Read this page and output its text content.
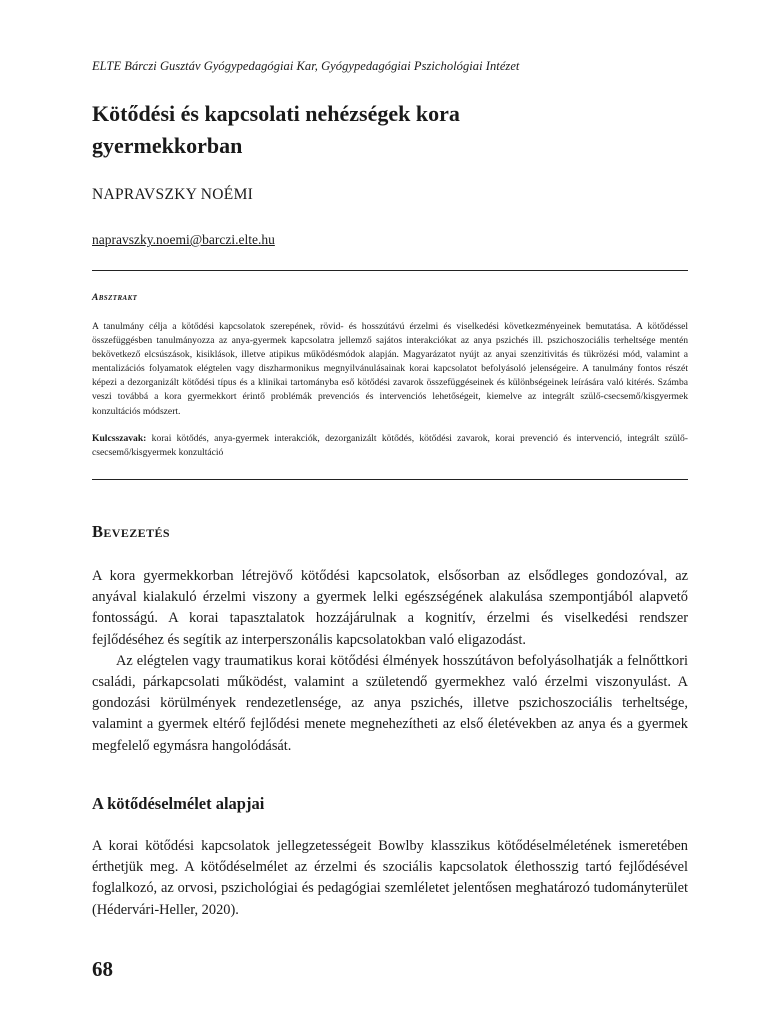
ELTE Bárczi Gusztáv Gyógypedagógiai Kar, Gyógypedagógiai Pszichológiai Intézet
Kötődési és kapcsolati nehézségek kora gyermekkorban
NAPRAVSZKY NOÉMI
napravszky.noemi@barczi.elte.hu
Absztrakt
A tanulmány célja a kötődési kapcsolatok szerepének, rövid- és hosszútávú érzelmi és viselkedési következményeinek bemutatása. A kötődéssel összefüggésben tanulmányozza az anya-gyermek kapcsolatra jellemző sajátos interakciókat az anya pszichés ill. pszichoszociális terheltsége mentén bekövetkező elcsúszások, kisiklások, illetve atipikus működésmódok alapján. Magyarázatot nyújt az anyai szenzitivitás és tükrözési mód, valamint a mentalizációs folyamatok elégtelen vagy diszharmonikus megnyilvánulásainak korai kapcsolatot befolyásoló jelenségeire. A tanulmány fontos részét képezi a dezorganizált kötődési típus és a klinikai tartományba eső kötődési zavarok összefüggéseinek és különbségeinek leírására való kitérés. Számba veszi továbbá a kora gyermekkort érintő problémák prevenciós és intervenciós lehetőségeit, kiemelve az integrált szülő-csecsemő/kisgyermek konzultációs módszert.
Kulcsszavak: korai kötődés, anya-gyermek interakciók, dezorganizált kötődés, kötődési zavarok, korai prevenció és intervenció, integrált szülő-csecsemő/kisgyermek konzultáció
Bevezetés

A kora gyermekkorban létrejövő kötődési kapcsolatok, elsősorban az elsődleges gondozóval, az anyával kialakuló érzelmi viszony a gyermek lelki egészségének alakulása szempontjából alapvető fontosságú. A korai tapasztalatok hozzájárulnak a kognitív, érzelmi és viselkedési rendszer fejlődéséhez és segítik az interperszonális kapcsolatokban való eligazodást.

Az elégtelen vagy traumatikus korai kötődési élmények hosszútávon befolyásolhatják a felnőttkori családi, párkapcsolati működést, valamint a születendő gyermekhez való érzelmi viszonyulást. A gondozási körülmények rendezetlensége, az anya pszichés, illetve pszichoszociális terheltsége, valamint a gyermek eltérő fejlődési menete megnehezítheti az első életévekben az anya és a gyermek megfelelő egymásra hangolódását.

A kötődéselmélet alapjai

A korai kötődési kapcsolatok jellegzetességeit Bowlby klasszikus kötődéselméletének ismeretében érthetjük meg. A kötődéselmélet az érzelmi és szociális kapcsolatok élethosszig tartó fejlődésével foglalkozó, az orvosi, pszichológiai és pedagógiai szemléletet jelentősen meghatározó tudományterület (Hédervári-Heller, 2020).

68
